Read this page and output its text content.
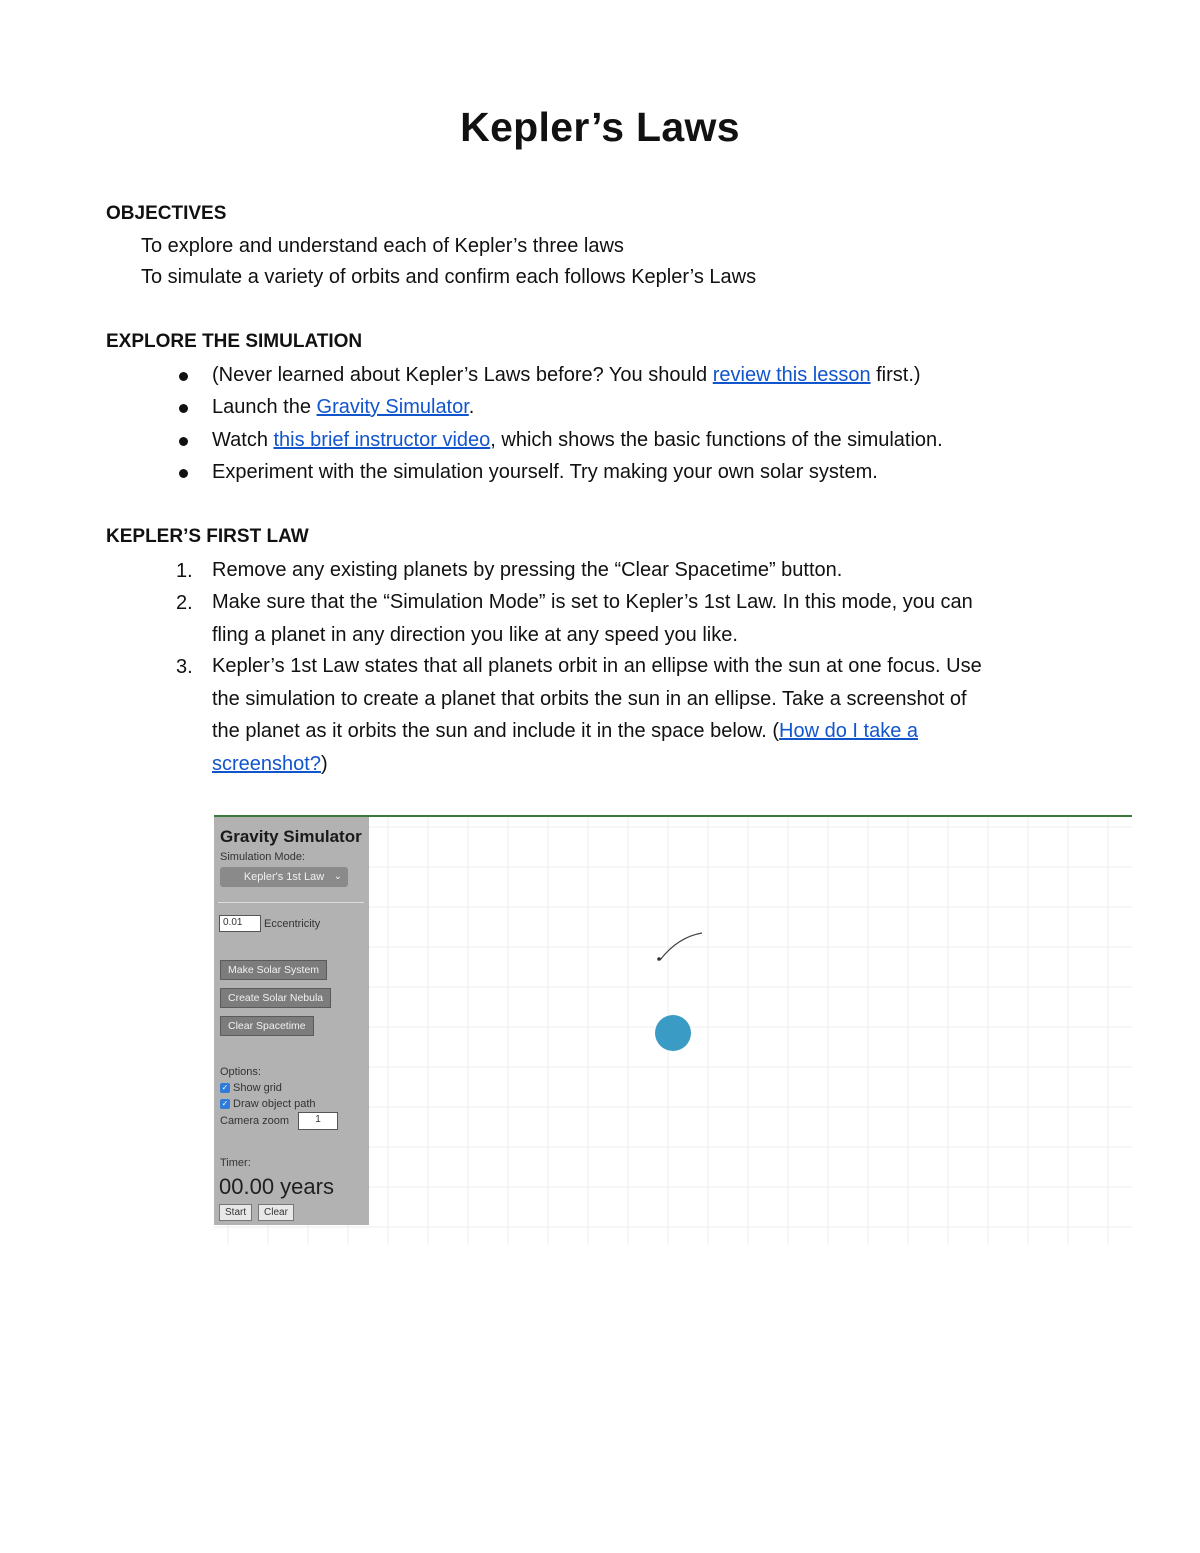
Kepler’s Laws
OBJECTIVES
To explore and understand each of Kepler’s three laws
To simulate a variety of orbits and confirm each follows Kepler’s Laws
EXPLORE THE SIMULATION
(Never learned about Kepler’s Laws before? You should review this lesson first.)
Launch the Gravity Simulator.
Watch this brief instructor video, which shows the basic functions of the simulation.
Experiment with the simulation yourself. Try making your own solar system.
KEPLER’S FIRST LAW
1. Remove any existing planets by pressing the “Clear Spacetime” button.
2. Make sure that the “Simulation Mode” is set to Kepler’s 1st Law. In this mode, you can
fling a planet in any direction you like at any speed you like.
3. Kepler’s 1st Law states that all planets orbit in an ellipse with the sun at one focus. Use
the simulation to create a planet that orbits the sun in an ellipse. Take a screenshot of
the planet as it orbits the sun and include it in the space below. (How do I take a
screenshot?)
Gravity Simulator
Simulation Mode:
Kepler's 1st Law ⌄
0.01	Eccentricity
Make Solar System
Create Solar Nebula
Clear Spacetime
Options:
✓ Show grid
✓ Draw object path
Camera zoom	1
Timer:
00.00 years
Start	Clear
